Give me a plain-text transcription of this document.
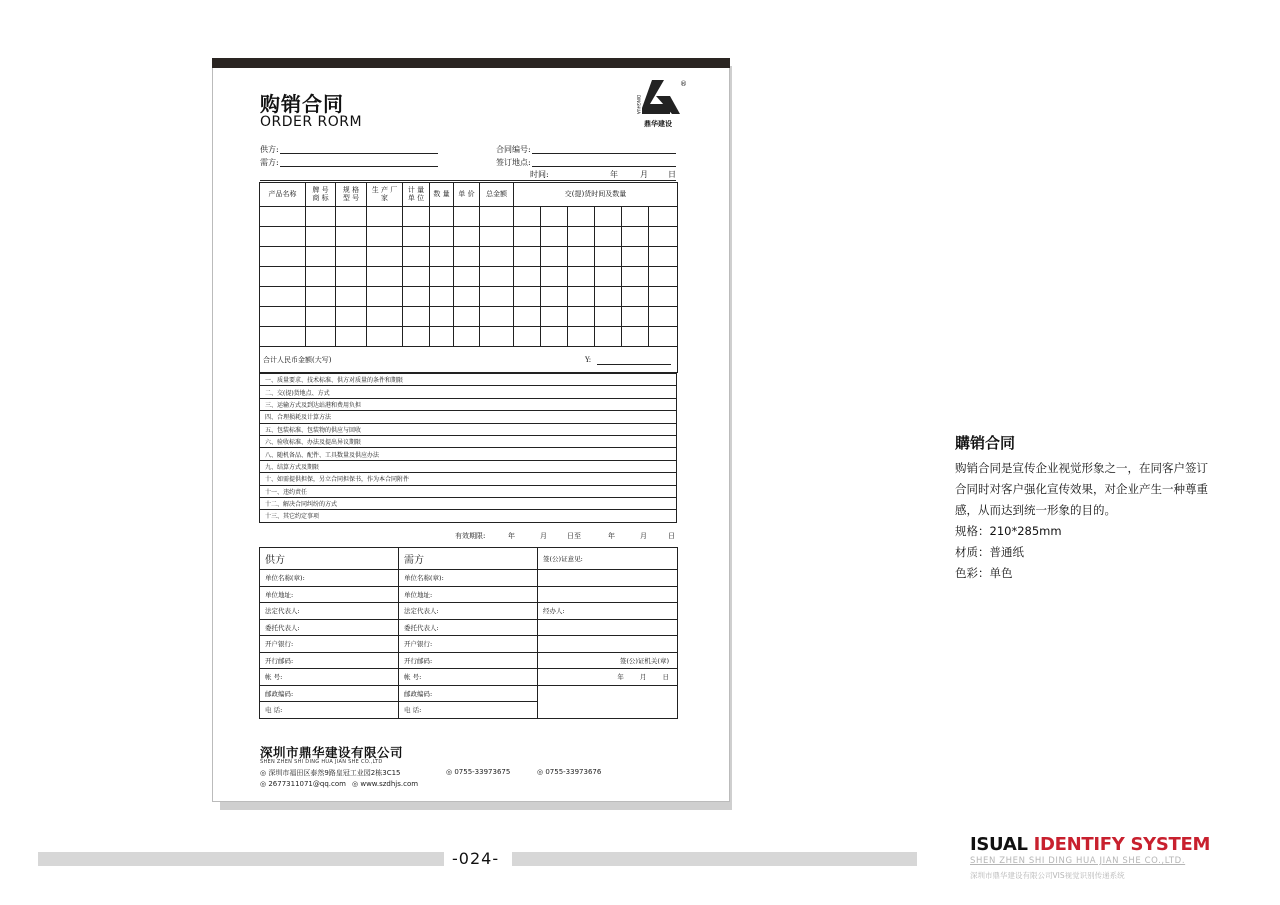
购销合同
ORDER RORM
®
DINGHUA
鼎华建设
供方:
需方:
合同编号:
签订地点:
时间:	年	月	日
产品名称	牌 号 商 标	规 格 型 号	生 产 厂 家	计 量 单 位	数 量	单 价	总金额	交(提)货时间及数量					

合计人民币金额(大写) Y:													
一、质量要求、技术标准、供方对质量的条件和期限
二、交(提)货地点、方式
三、运输方式及到达站港和费用负担
四、合理损耗及计算方法
五、包装标准、包装物的供应与回收
六、验收标准、办法及提出异议期限
八、随机备品、配件、工具数量及供应办法
九、结算方式及期限
十、如需提供担保，另立合同担保书，作为本合同附件
十一、违约责任
十二、解决合同纠纷的方式
十三、其它约定事项
有效期限:	年	月	日至	年	月	日
供方	需方	签(公)证意见:
单位名称(章):	单位名称(章):	
单位地址:	单位地址:	
法定代表人:	法定代表人:	经办人:
委托代表人:	委托代表人:	
开户银行:	开户银行:	
开行邮码:	开行邮码:	签(公)证机关(章)
帐 号:	帐 号:	年 月 日
邮政编码:	邮政编码:	
电 话:	电 话:	
深圳市鼎华建设有限公司
SHEN ZHEN SHI DING HUA JIAN SHE CO.,LTD
◎ 深圳市福田区泰然9路皇冠工业园2栋3C15	◎ 0755-33973675	◎ 0755-33973676
◎ 2677311071@qq.com ◎ www.szdhjs.com
購销合同
购销合同是宣传企业视觉形象之一，在同客户签订合同时对客户强化宣传效果，对企业产生一种尊重感，从而达到统一形象的目的。
规格：210*285mm
材质：普通纸
色彩：单色
-024-
ISUAL IDENTIFY SYSTEM
SHEN ZHEN SHI DING HUA JIAN SHE CO.,LTD.
深圳市鼎华建设有限公司VIS视觉识别传递系统
